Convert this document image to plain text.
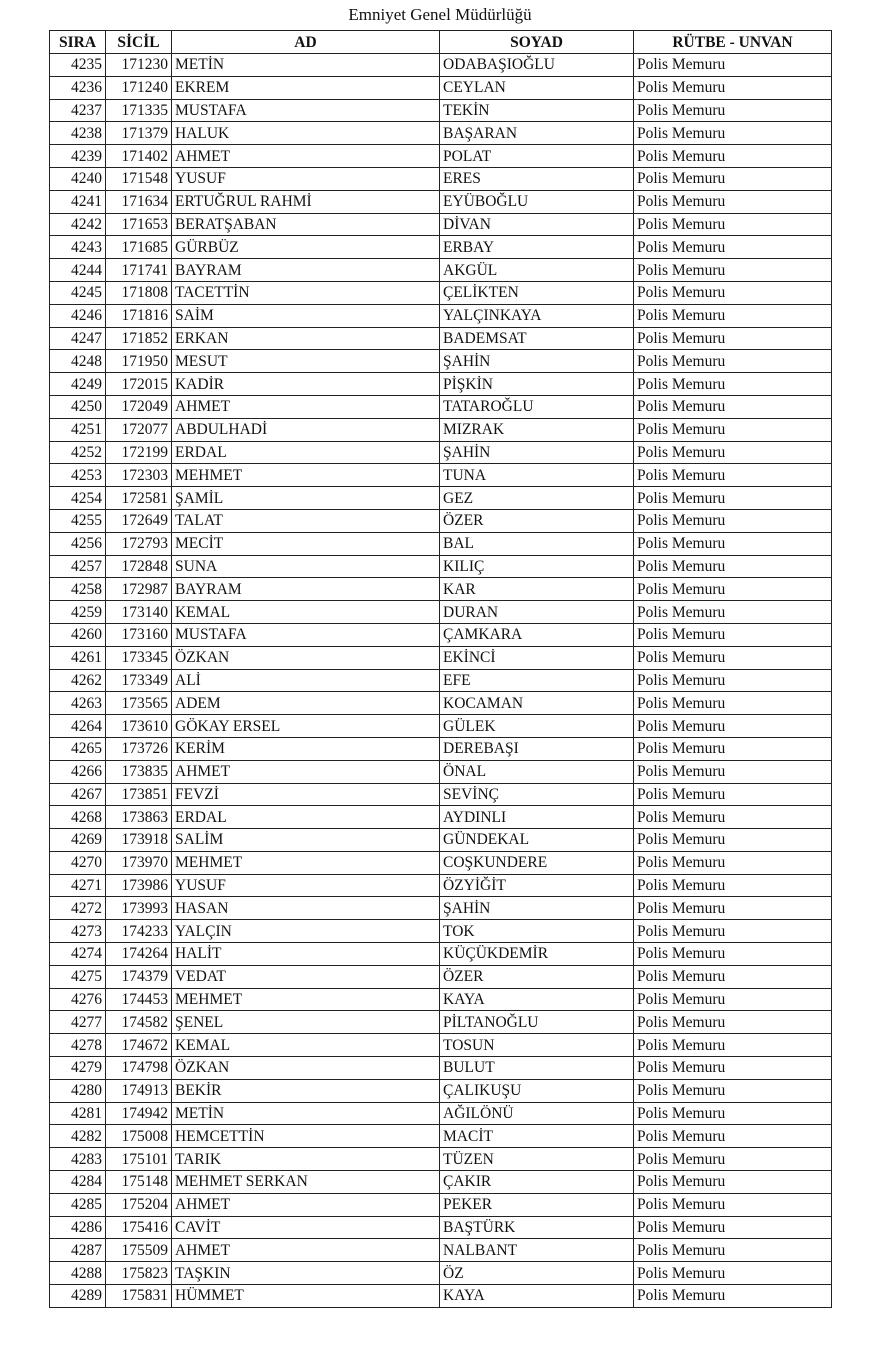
Emniyet Genel Müdürlüğü
SIRA	SİCİL	AD	SOYAD	RÜTBE - UNVAN
4235	171230	METİN	ODABAŞIOĞLU	Polis Memuru
4236	171240	EKREM	CEYLAN	Polis Memuru
4237	171335	MUSTAFA	TEKİN	Polis Memuru
4238	171379	HALUK	BAŞARAN	Polis Memuru
4239	171402	AHMET	POLAT	Polis Memuru
4240	171548	YUSUF	ERES	Polis Memuru
4241	171634	ERTUĞRUL RAHMİ	EYÜBOĞLU	Polis Memuru
4242	171653	BERATŞABAN	DİVAN	Polis Memuru
4243	171685	GÜRBÜZ	ERBAY	Polis Memuru
4244	171741	BAYRAM	AKGÜL	Polis Memuru
4245	171808	TACETTİN	ÇELİKTEN	Polis Memuru
4246	171816	SAİM	YALÇINKAYA	Polis Memuru
4247	171852	ERKAN	BADEMSAT	Polis Memuru
4248	171950	MESUT	ŞAHİN	Polis Memuru
4249	172015	KADİR	PİŞKİN	Polis Memuru
4250	172049	AHMET	TATAROĞLU	Polis Memuru
4251	172077	ABDULHADİ	MIZRAK	Polis Memuru
4252	172199	ERDAL	ŞAHİN	Polis Memuru
4253	172303	MEHMET	TUNA	Polis Memuru
4254	172581	ŞAMİL	GEZ	Polis Memuru
4255	172649	TALAT	ÖZER	Polis Memuru
4256	172793	MECİT	BAL	Polis Memuru
4257	172848	SUNA	KILIÇ	Polis Memuru
4258	172987	BAYRAM	KAR	Polis Memuru
4259	173140	KEMAL	DURAN	Polis Memuru
4260	173160	MUSTAFA	ÇAMKARA	Polis Memuru
4261	173345	ÖZKAN	EKİNCİ	Polis Memuru
4262	173349	ALİ	EFE	Polis Memuru
4263	173565	ADEM	KOCAMAN	Polis Memuru
4264	173610	GÖKAY ERSEL	GÜLEK	Polis Memuru
4265	173726	KERİM	DEREBAŞI	Polis Memuru
4266	173835	AHMET	ÖNAL	Polis Memuru
4267	173851	FEVZİ	SEVİNÇ	Polis Memuru
4268	173863	ERDAL	AYDINLI	Polis Memuru
4269	173918	SALİM	GÜNDEKAL	Polis Memuru
4270	173970	MEHMET	COŞKUNDERE	Polis Memuru
4271	173986	YUSUF	ÖZYİĞİT	Polis Memuru
4272	173993	HASAN	ŞAHİN	Polis Memuru
4273	174233	YALÇIN	TOK	Polis Memuru
4274	174264	HALİT	KÜÇÜKDEMİR	Polis Memuru
4275	174379	VEDAT	ÖZER	Polis Memuru
4276	174453	MEHMET	KAYA	Polis Memuru
4277	174582	ŞENEL	PİLTANOĞLU	Polis Memuru
4278	174672	KEMAL	TOSUN	Polis Memuru
4279	174798	ÖZKAN	BULUT	Polis Memuru
4280	174913	BEKİR	ÇALIKUŞU	Polis Memuru
4281	174942	METİN	AĞILÖNÜ	Polis Memuru
4282	175008	HEMCETTİN	MACİT	Polis Memuru
4283	175101	TARIK	TÜZEN	Polis Memuru
4284	175148	MEHMET SERKAN	ÇAKIR	Polis Memuru
4285	175204	AHMET	PEKER	Polis Memuru
4286	175416	CAVİT	BAŞTÜRK	Polis Memuru
4287	175509	AHMET	NALBANT	Polis Memuru
4288	175823	TAŞKIN	ÖZ	Polis Memuru
4289	175831	HÜMMET	KAYA	Polis Memuru
